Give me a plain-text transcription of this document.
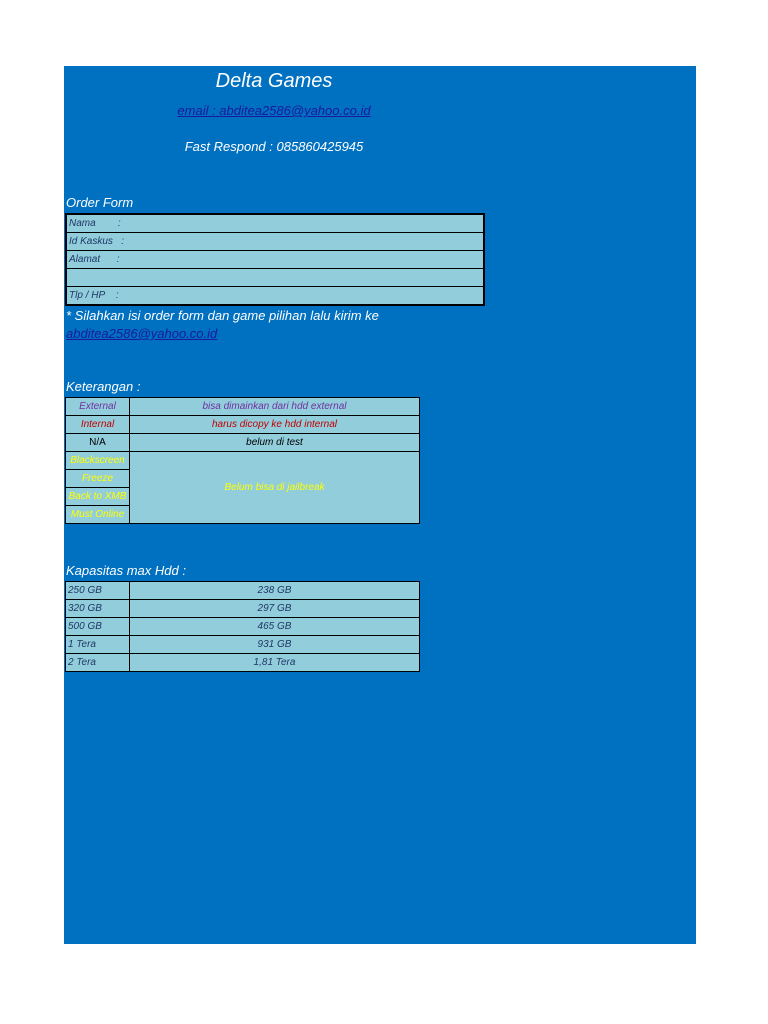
Delta Games
email : abditea2586@yahoo.co.id
Fast Respond : 085860425945
Order Form
Nama        :
Id Kaskus   :
Alamat      :

Tlp / HP    :
* Silahkan isi order form dan game pilihan lalu kirim ke
abditea2586@yahoo.co.id
Keterangan :
External	bisa dimainkan dari hdd external
Internal	harus dicopy ke hdd internal
N/A	belum di test
Blackscreen	Belum bisa di jailbreak
Freeze	
Back to XMB	
Must Online	
Kapasitas max Hdd :
250 GB	238 GB
320 GB	297 GB
500 GB	465 GB
1 Tera	931 GB
2 Tera	1,81 Tera
